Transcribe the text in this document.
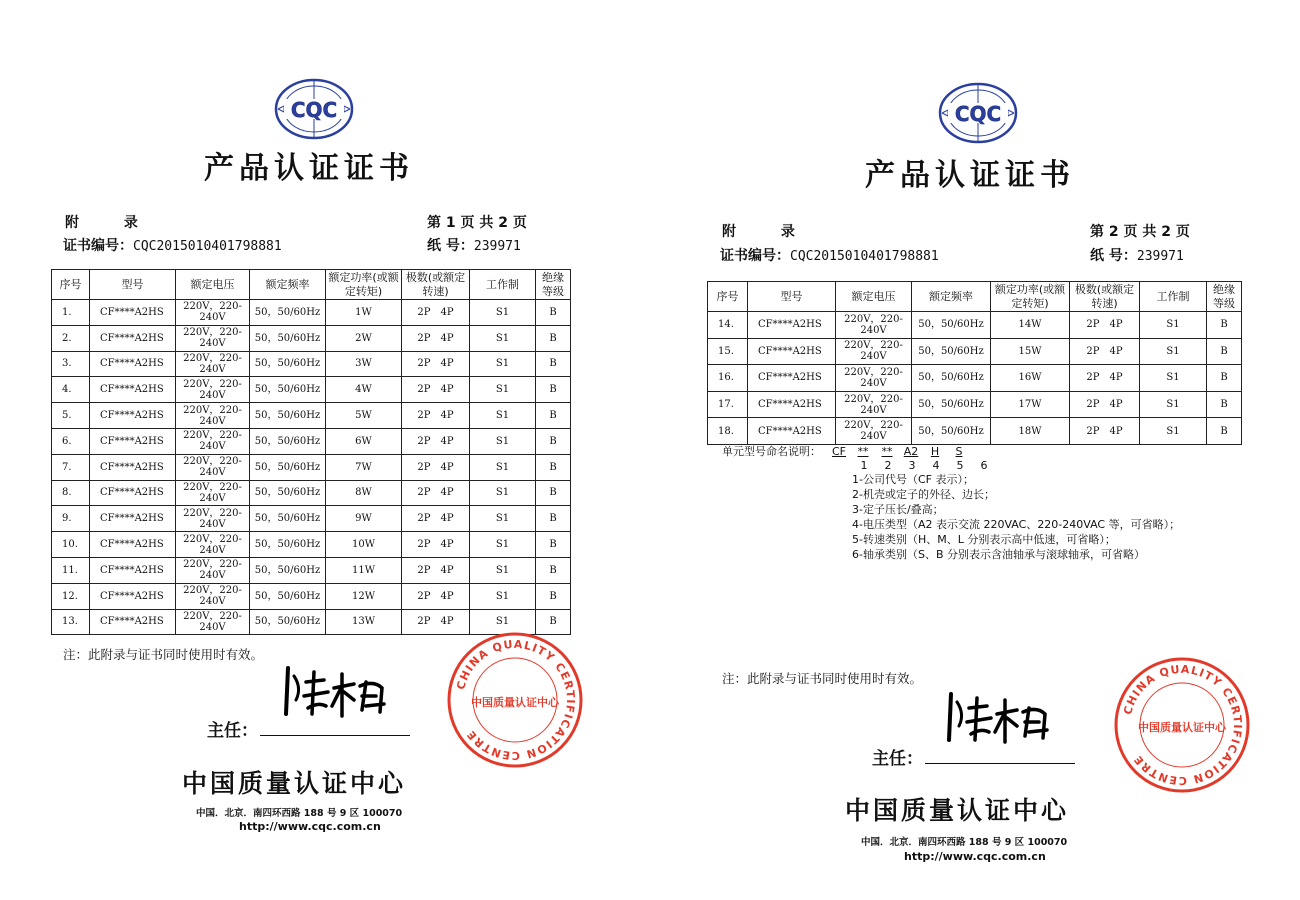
CQC
产品认证证书
附 录	第 1 页 共 2 页
证书编号：CQC2015010401798881	纸 号：239971
序号	型号	额定电压	额定频率	额定功率(或额定转矩)	极数(或额定转速)	工作制	绝缘等级
1.	CF****A2HS	220V，220-240V	50，50/60Hz	1W	2P　4P	S1	B
2.	CF****A2HS	220V，220-240V	50，50/60Hz	2W	2P　4P	S1	B
3.	CF****A2HS	220V，220-240V	50，50/60Hz	3W	2P　4P	S1	B
4.	CF****A2HS	220V，220-240V	50，50/60Hz	4W	2P　4P	S1	B
5.	CF****A2HS	220V，220-240V	50，50/60Hz	5W	2P　4P	S1	B
6.	CF****A2HS	220V，220-240V	50，50/60Hz	6W	2P　4P	S1	B
7.	CF****A2HS	220V，220-240V	50，50/60Hz	7W	2P　4P	S1	B
8.	CF****A2HS	220V，220-240V	50，50/60Hz	8W	2P　4P	S1	B
9.	CF****A2HS	220V，220-240V	50，50/60Hz	9W	2P　4P	S1	B
10.	CF****A2HS	220V，220-240V	50，50/60Hz	10W	2P　4P	S1	B
11.	CF****A2HS	220V，220-240V	50，50/60Hz	11W	2P　4P	S1	B
12.	CF****A2HS	220V，220-240V	50，50/60Hz	12W	2P　4P	S1	B
13.	CF****A2HS	220V，220-240V	50，50/60Hz	13W	2P　4P	S1	B
注：此附录与证书同时使用时有效。
主任：
CHINA QUALITY CERTIFICATION CENTRE
中国质量认证中心
中国质量认证中心
中国．北京．南四环西路 188 号 9 区 100070
http://www.cqc.com.cn
CQC
产品认证证书
附 录	第 2 页 共 2 页
证书编号：CQC2015010401798881	纸 号：239971
序号	型号	额定电压	额定频率	额定功率(或额定转矩)	极数(或额定转速)	工作制	绝缘等级
14.	CF****A2HS	220V，220-240V	50，50/60Hz	14W	2P　4P	S1	B
15.	CF****A2HS	220V，220-240V	50，50/60Hz	15W	2P　4P	S1	B
16.	CF****A2HS	220V，220-240V	50，50/60Hz	16W	2P　4P	S1	B
17.	CF****A2HS	220V，220-240V	50，50/60Hz	17W	2P　4P	S1	B
18.	CF****A2HS	220V，220-240V	50，50/60Hz	18W	2P　4P	S1	B
单元型号命名说明： CF	**	**	A2	H	S
1	2	3	4	5	6
1-公司代号（CF 表示）；
2-机壳或定子的外径、边长；
3-定子压长/叠高；
4-电压类型（A2 表示交流 220VAC、220-240VAC 等，可省略）；
5-转速类别（H、M、L 分别表示高中低速，可省略）；
6-轴承类别（S、B 分别表示含油轴承与滚球轴承，可省略）
注：此附录与证书同时使用时有效。
主任：
CHINA QUALITY CERTIFICATION CENTRE
中国质量认证中心
中国质量认证中心
中国．北京．南四环西路 188 号 9 区 100070
http://www.cqc.com.cn
